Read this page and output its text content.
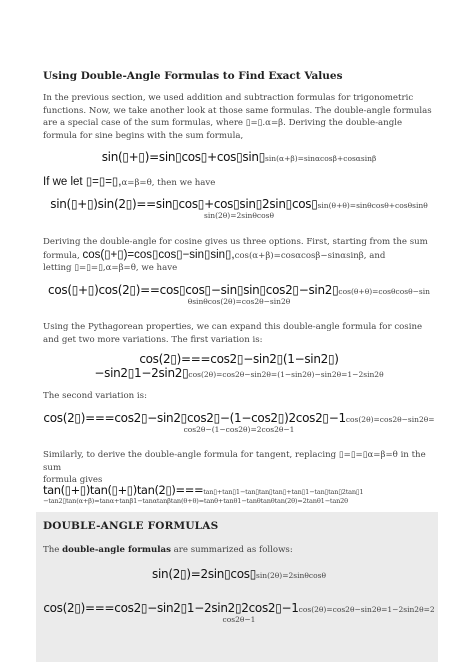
Using Double-Angle Formulas to Find Exact Values
In the previous section, we used addition and subtraction formulas for trigonometric functions. Now, we take another look at those same formulas. The double-angle formulas are a special case of the sum formulas, where ▯=▯.α=β. Deriving the double-angle formula for sine begins with the sum formula,
sin(▯+▯)=sin▯cos▯+cos▯sin▯sin(α+β)=sinαcosβ+cosαsinβ
If we let ▯=▯=▯,α=β=θ, then we have
sin(▯+▯)sin(2▯)==sin▯cos▯+cos▯sin▯2sin▯cos▯sin(θ+θ)=sinθcosθ+cosθsinθ
sin(2θ)=2sinθcosθ
Deriving the double-angle for cosine gives us three options. First, starting from the sum
formula, cos(▯+▯)=cos▯cos▯−sin▯sin▯,cos(α+β)=cosαcosβ−sinαsinβ, and
letting ▯=▯=▯,α=β=θ, we have
cos(▯+▯)cos(2▯)==cos▯cos▯−sin▯sin▯cos2▯−sin2▯cos(θ+θ)=cosθcosθ−sin
θsinθcos(2θ)=cos2θ−sin2θ
Using the Pythagorean properties, we can expand this double-angle formula for cosine and get two more variations. The first variation is:
cos(2▯)===cos2▯−sin2▯(1−sin2▯)
−sin2▯1−2sin2▯cos(2θ)=cos2θ−sin2θ=(1−sin2θ)−sin2θ=1−2sin2θ
The second variation is:
cos(2▯)===cos2▯−sin2▯cos2▯−(1−cos2▯)2cos2▯−1cos(2θ)=cos2θ−sin2θ=
cos2θ−(1−cos2θ)=2cos2θ−1
Similarly, to derive the double-angle formula for tangent, replacing ▯=▯=▯α=β=θ in the sum
formula gives
tan(▯+▯)tan(▯+▯)tan(2▯)===tan▯+tan▯1−tan▯tan▯tan▯+tan▯1−tan▯tan▯2tan▯1
−tan2▯tan(α+β)=tanα+tanβ1−tanαtanβtan(θ+θ)=tanθ+tanθ1−tanθtanθtan(2θ)=2tanθ1−tan2θ
DOUBLE-ANGLE FORMULAS
The double-angle formulas are summarized as follows:
sin(2▯)=2sin▯cos▯sin(2θ)=2sinθcosθ
cos(2▯)===cos2▯−sin2▯1−2sin2▯2cos2▯−1cos(2θ)=cos2θ−sin2θ=1−2sin2θ=2
cos2θ−1
